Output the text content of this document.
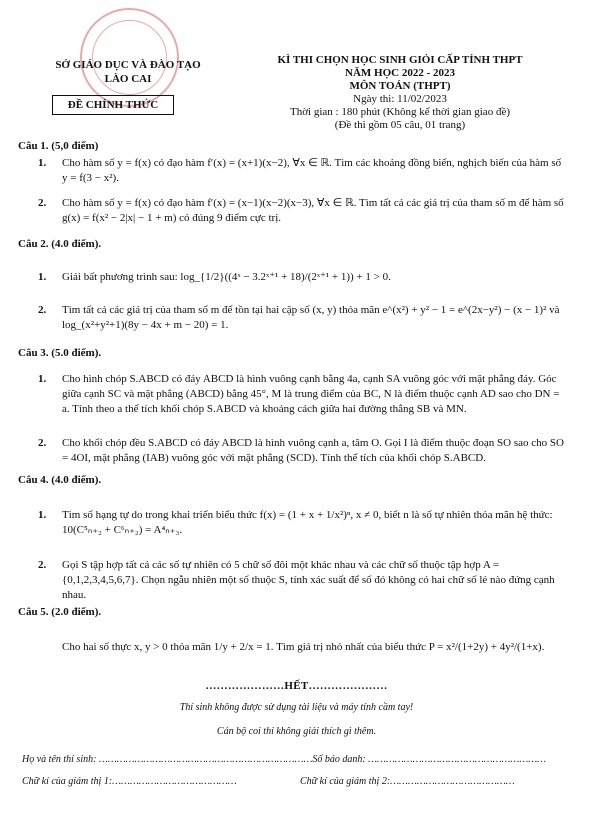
SỞ GIÁO DỤC VÀ ĐÀO TẠO
LÀO CAI
ĐỀ CHÍNH THỨC
KÌ THI CHỌN HỌC SINH GIỎI CẤP TỈNH THPT
NĂM HỌC 2022 - 2023
MÔN TOÁN (THPT)
Ngày thi: 11/02/2023
Thời gian : 180 phút (Không kể thời gian giao đề)
(Đề thi gồm 05 câu, 01 trang)
Câu 1. (5,0 điểm)
1. Cho hàm số y = f(x) có đạo hàm f′(x) = (x+1)(x−2), ∀x ∈ ℝ. Tìm các khoảng đồng biến, nghịch biến của hàm số y = f(3 − x²).
2. Cho hàm số y = f(x) có đạo hàm f′(x) = (x−1)(x−2)(x−3), ∀x ∈ ℝ. Tìm tất cả các giá trị của tham số m để hàm số g(x) = f(x² − 2|x| − 1 + m) có đúng 9 điểm cực trị.
Câu 2. (4.0 điểm).
1. Giải bất phương trình sau: log_{1/2}((4ˣ − 3.2ˣ⁺¹ + 18)/(2ˣ⁺¹ + 1)) + 1 > 0.
2. Tìm tất cả các giá trị của tham số m để tồn tại hai cặp số (x, y) thỏa mãn e^(x²) + y² − 1 = e^(2x−y²) − (x − 1)² và log_(x²+y²+1)(8y − 4x + m − 20) = 1.
Câu 3. (5.0 điểm).
1. Cho hình chóp S.ABCD có đáy ABCD là hình vuông cạnh bằng 4a, cạnh SA vuông góc với mặt phẳng đáy. Góc giữa cạnh SC và mặt phẳng (ABCD) bằng 45°, M là trung điểm của BC, N là điểm thuộc cạnh AD sao cho DN = a. Tính theo a thể tích khối chóp S.ABCD và khoảng cách giữa hai đường thẳng SB và MN.
2. Cho khối chóp đều S.ABCD có đáy ABCD là hình vuông cạnh a, tâm O. Gọi I là điểm thuộc đoạn SO sao cho SO = 4OI, mặt phẳng (IAB) vuông góc với mặt phẳng (SCD). Tính thể tích của khối chóp S.ABCD.
Câu 4. (4.0 điểm).
1. Tìm số hạng tự do trong khai triển biểu thức f(x) = (1 + x + 1/x²)ⁿ, x ≠ 0, biết n là số tự nhiên thỏa mãn hệ thức: 10(C⁵ₙ₊₂ + C⁶ₙ₊₂) = A⁴ₙ₊₃.
2. Gọi S tập hợp tất cả các số tự nhiên có 5 chữ số đôi một khác nhau và các chữ số thuộc tập hợp A = {0,1,2,3,4,5,6,7}. Chọn ngẫu nhiên một số thuộc S, tính xác suất để số đó không có hai chữ số lẻ nào đứng cạnh nhau.
Câu 5. (2.0 điểm).
Cho hai số thực x, y > 0 thỏa mãn 1/y + 2/x = 1. Tìm giá trị nhỏ nhất của biểu thức P = x²/(1+2y) + 4y²/(1+x).
…………………HẾT…………………
Thí sinh không được sử dụng tài liệu và máy tính cầm tay!
Cán bộ coi thi không giải thích gì thêm.
Họ và tên thí sinh: ………………………………………………………………Số báo danh: ……………………………………………………
Chữ kí của giám thị 1:……………………………………	Chữ kí của giám thị 2:……………………………………
